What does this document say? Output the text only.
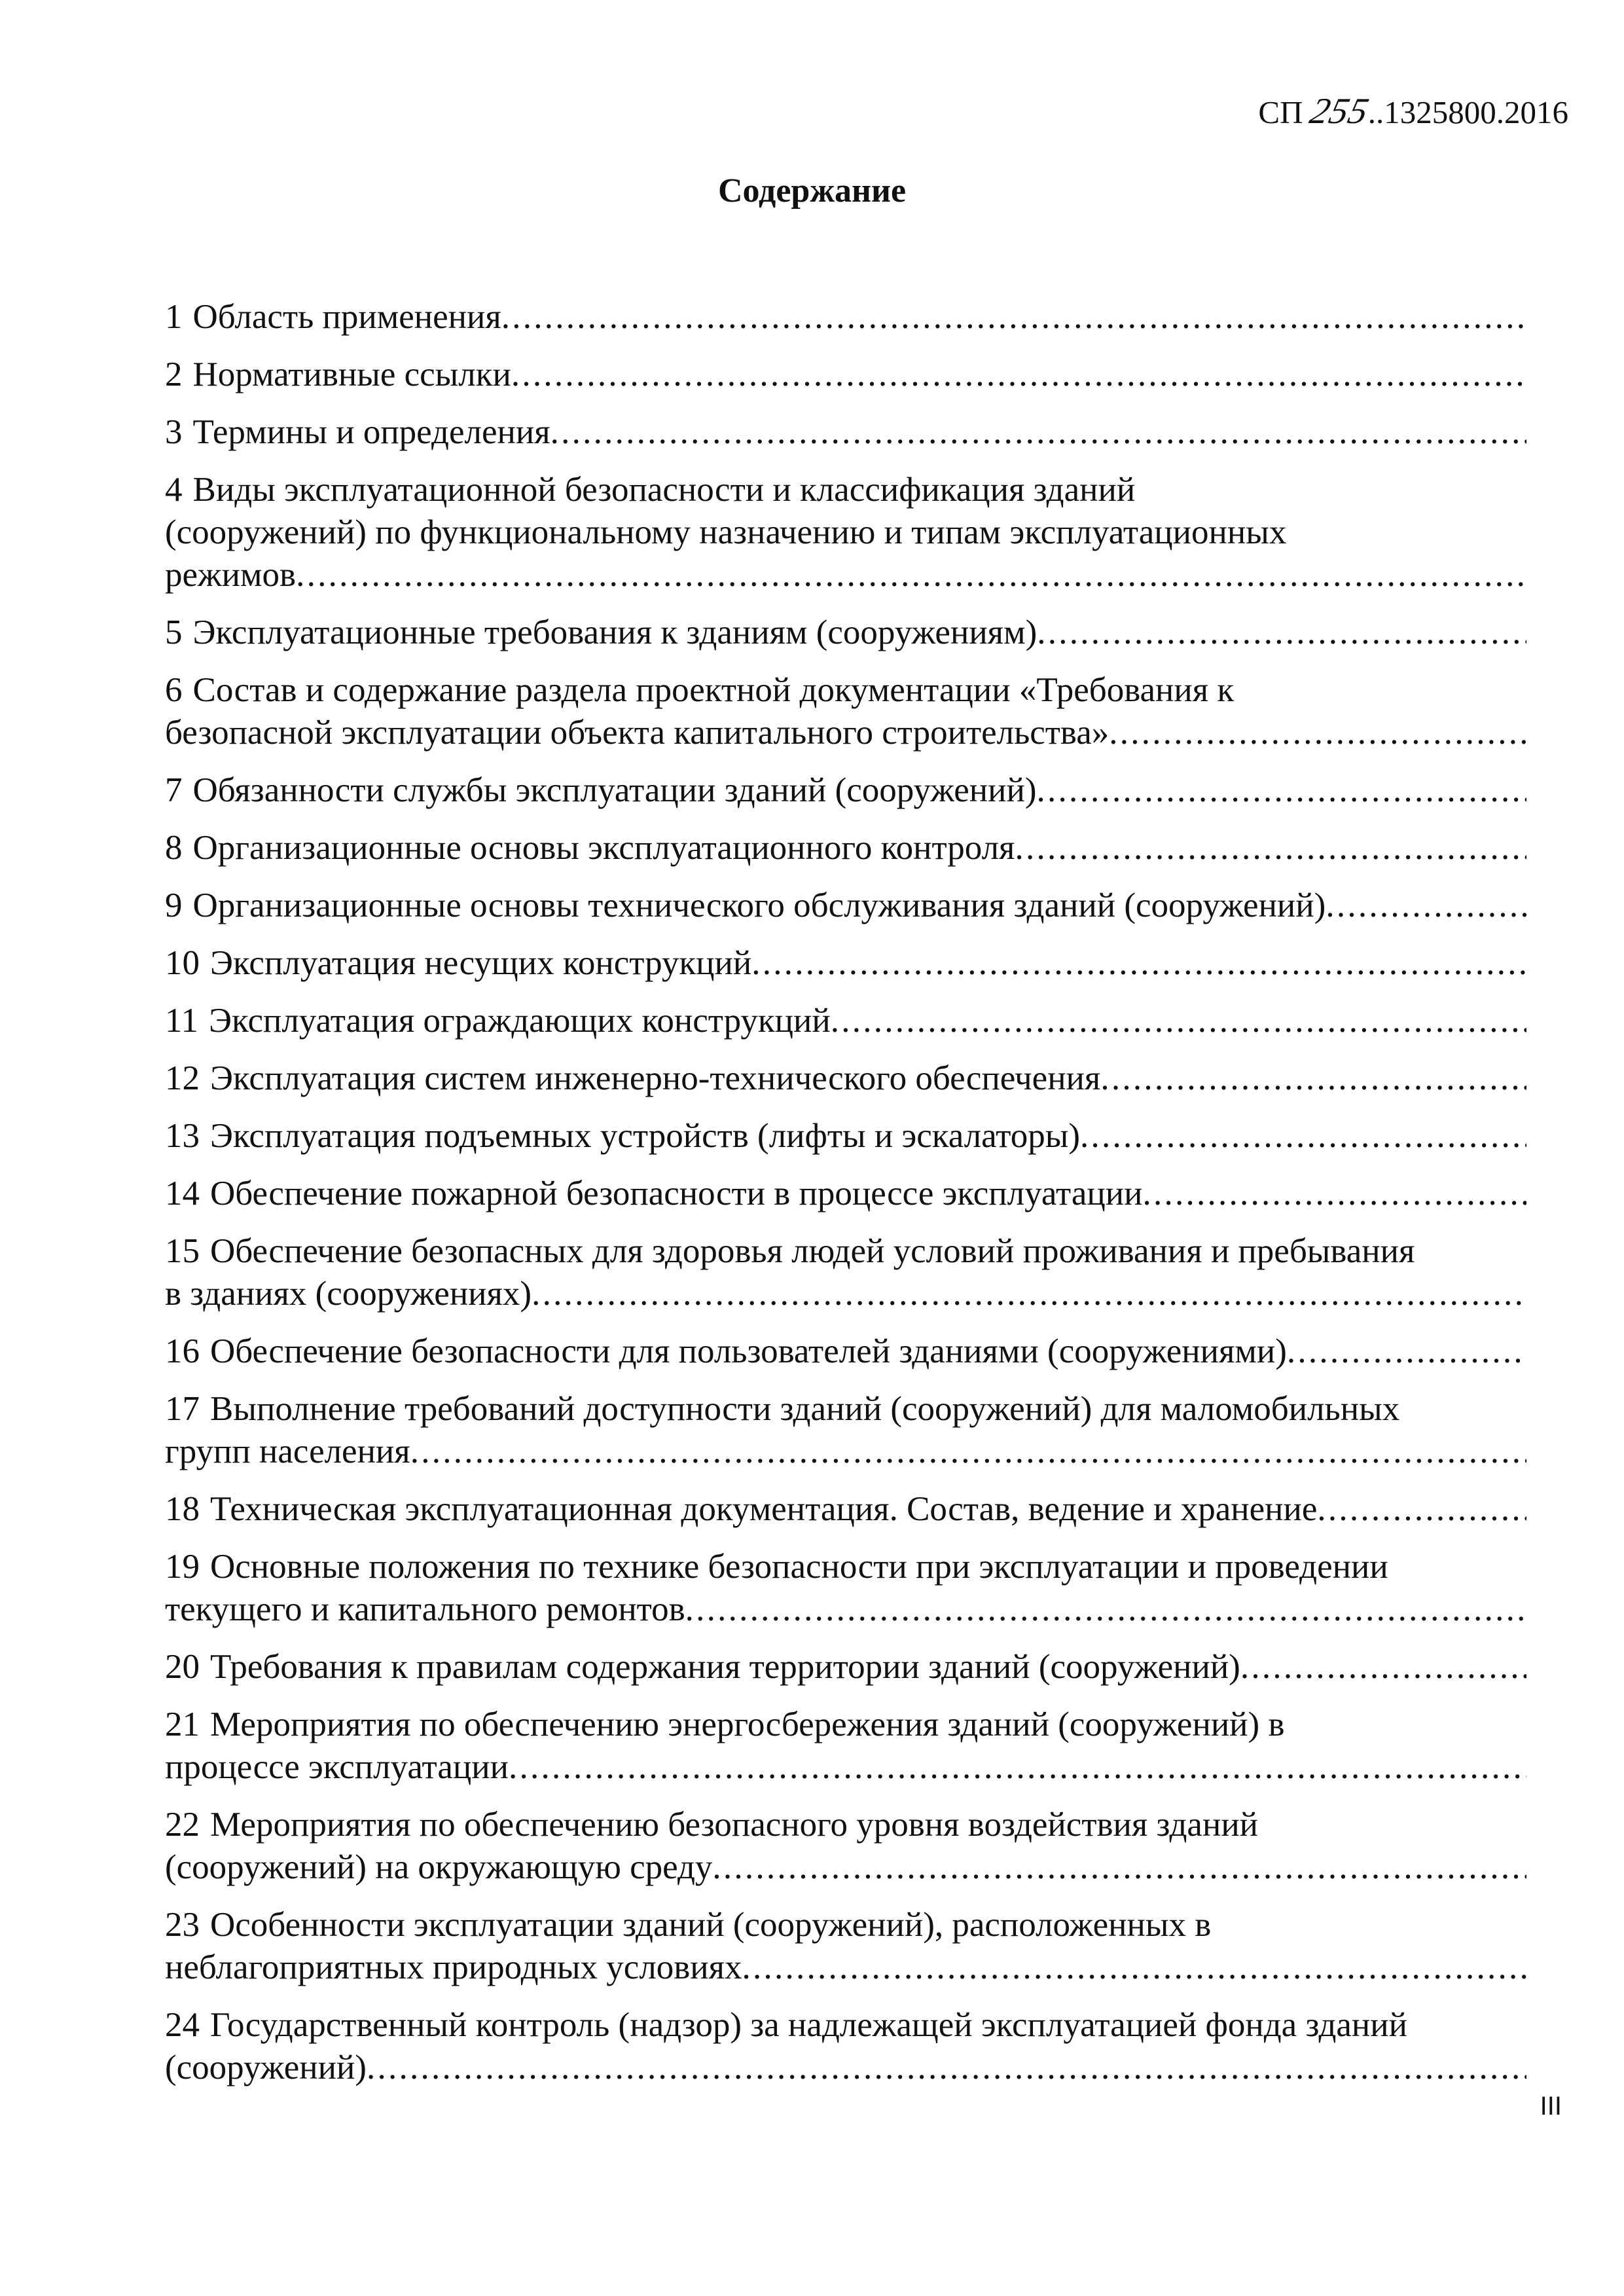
СП 255..1325800.2016
Содержание
1 Область применения
. . .
2 Нормативные ссылки
. . .
3 Термины и определения
. . .
4 Виды эксплуатационной безопасности и классификация зданий
(сооружений) по функциональному назначению и типам эксплуатационных
режимов
. . .
5 Эксплуатационные требования к зданиям (сооружениям)
. . .
6 Состав и содержание раздела проектной документации «Требования к
безопасной эксплуатации объекта капитального строительства»
. . .
7 Обязанности службы эксплуатации зданий (сооружений)
. . .
8 Организационные основы эксплуатационного контроля
. . .
9 Организационные основы технического обслуживания зданий (сооружений)
. . .
10 Эксплуатация несущих конструкций
. . .
11 Эксплуатация ограждающих конструкций
. . .
12 Эксплуатация систем инженерно-технического обеспечения
. . .
13 Эксплуатация подъемных устройств (лифты и эскалаторы)
. . .
14 Обеспечение пожарной безопасности в процессе эксплуатации
. . .
15 Обеспечение безопасных для здоровья людей условий проживания и пребывания
в зданиях (сооружениях)
. . .
16 Обеспечение безопасности для пользователей зданиями (сооружениями)
. . .
17 Выполнение требований доступности зданий (сооружений) для маломобильных
групп населения
. . .
18 Техническая эксплуатационная документация. Состав, ведение и хранение
. . .
19 Основные положения по технике безопасности при эксплуатации и проведении
текущего и капитального ремонтов
. . .
20 Требования к правилам содержания территории зданий (сооружений)
. . .
21 Мероприятия по обеспечению энергосбережения зданий (сооружений) в
процессе эксплуатации
. . .
22 Мероприятия по обеспечению безопасного уровня воздействия зданий
(сооружений) на окружающую среду
. . .
23 Особенности эксплуатации зданий (сооружений), расположенных в
неблагоприятных природных условиях
. . .
24 Государственный контроль (надзор) за надлежащей эксплуатацией фонда зданий
(сооружений)
. . .
III
